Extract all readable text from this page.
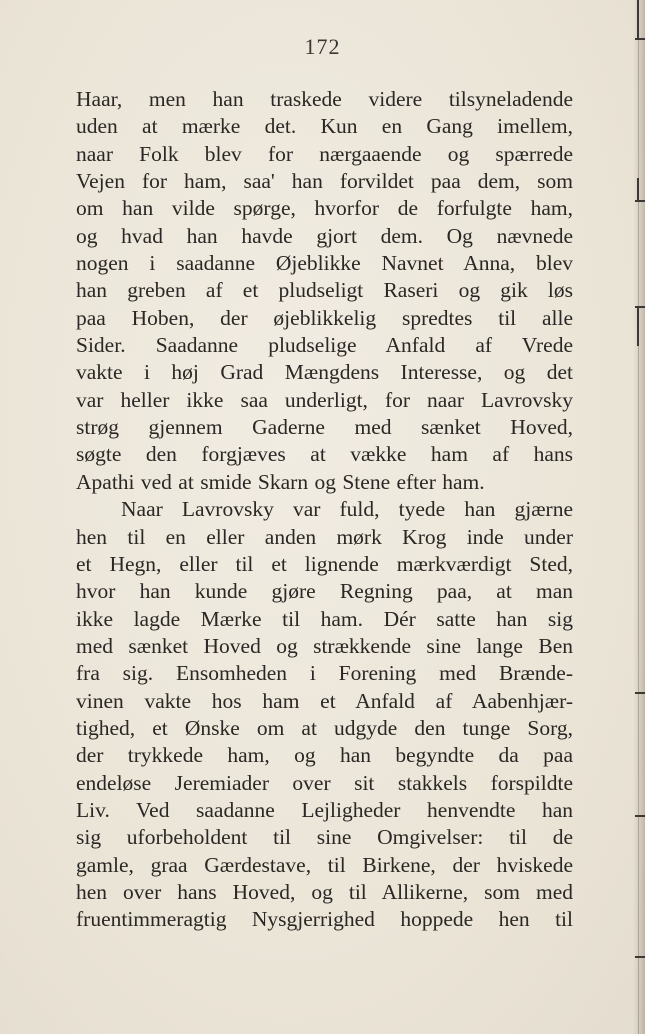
172
Haar, men han traskede videre tilsyneladende
uden at mærke det. Kun en Gang imellem,
naar Folk blev for nærgaaende og spærrede
Vejen for ham, saa' han forvildet paa dem, som
om han vilde spørge, hvorfor de forfulgte ham,
og hvad han havde gjort dem. Og nævnede
nogen i saadanne Øjeblikke Navnet Anna, blev
han greben af et pludseligt Raseri og gik løs
paa Hoben, der øjeblikkelig spredtes til alle
Sider. Saadanne pludselige Anfald af Vrede
vakte i høj Grad Mængdens Interesse, og det
var heller ikke saa underligt, for naar Lavrovsky
strøg gjennem Gaderne med sænket Hoved,
søgte den forgjæves at vække ham af hans
Apathi ved at smide Skarn og Stene efter ham.
Naar Lavrovsky var fuld, tyede han gjærne
hen til en eller anden mørk Krog inde under
et Hegn, eller til et lignende mærkværdigt Sted,
hvor han kunde gjøre Regning paa, at man
ikke lagde Mærke til ham. Dér satte han sig
med sænket Hoved og strækkende sine lange Ben
fra sig. Ensomheden i Forening med Brænde-
vinen vakte hos ham et Anfald af Aabenhjær-
tighed, et Ønske om at udgyde den tunge Sorg,
der trykkede ham, og han begyndte da paa
endeløse Jeremiader over sit stakkels forspildte
Liv. Ved saadanne Lejligheder henvendte han
sig uforbeholdent til sine Omgivelser: til de
gamle, graa Gærdestave, til Birkene, der hviskede
hen over hans Hoved, og til Allikerne, som med
fruentimmeragtig Nysgjerrighed hoppede hen til
